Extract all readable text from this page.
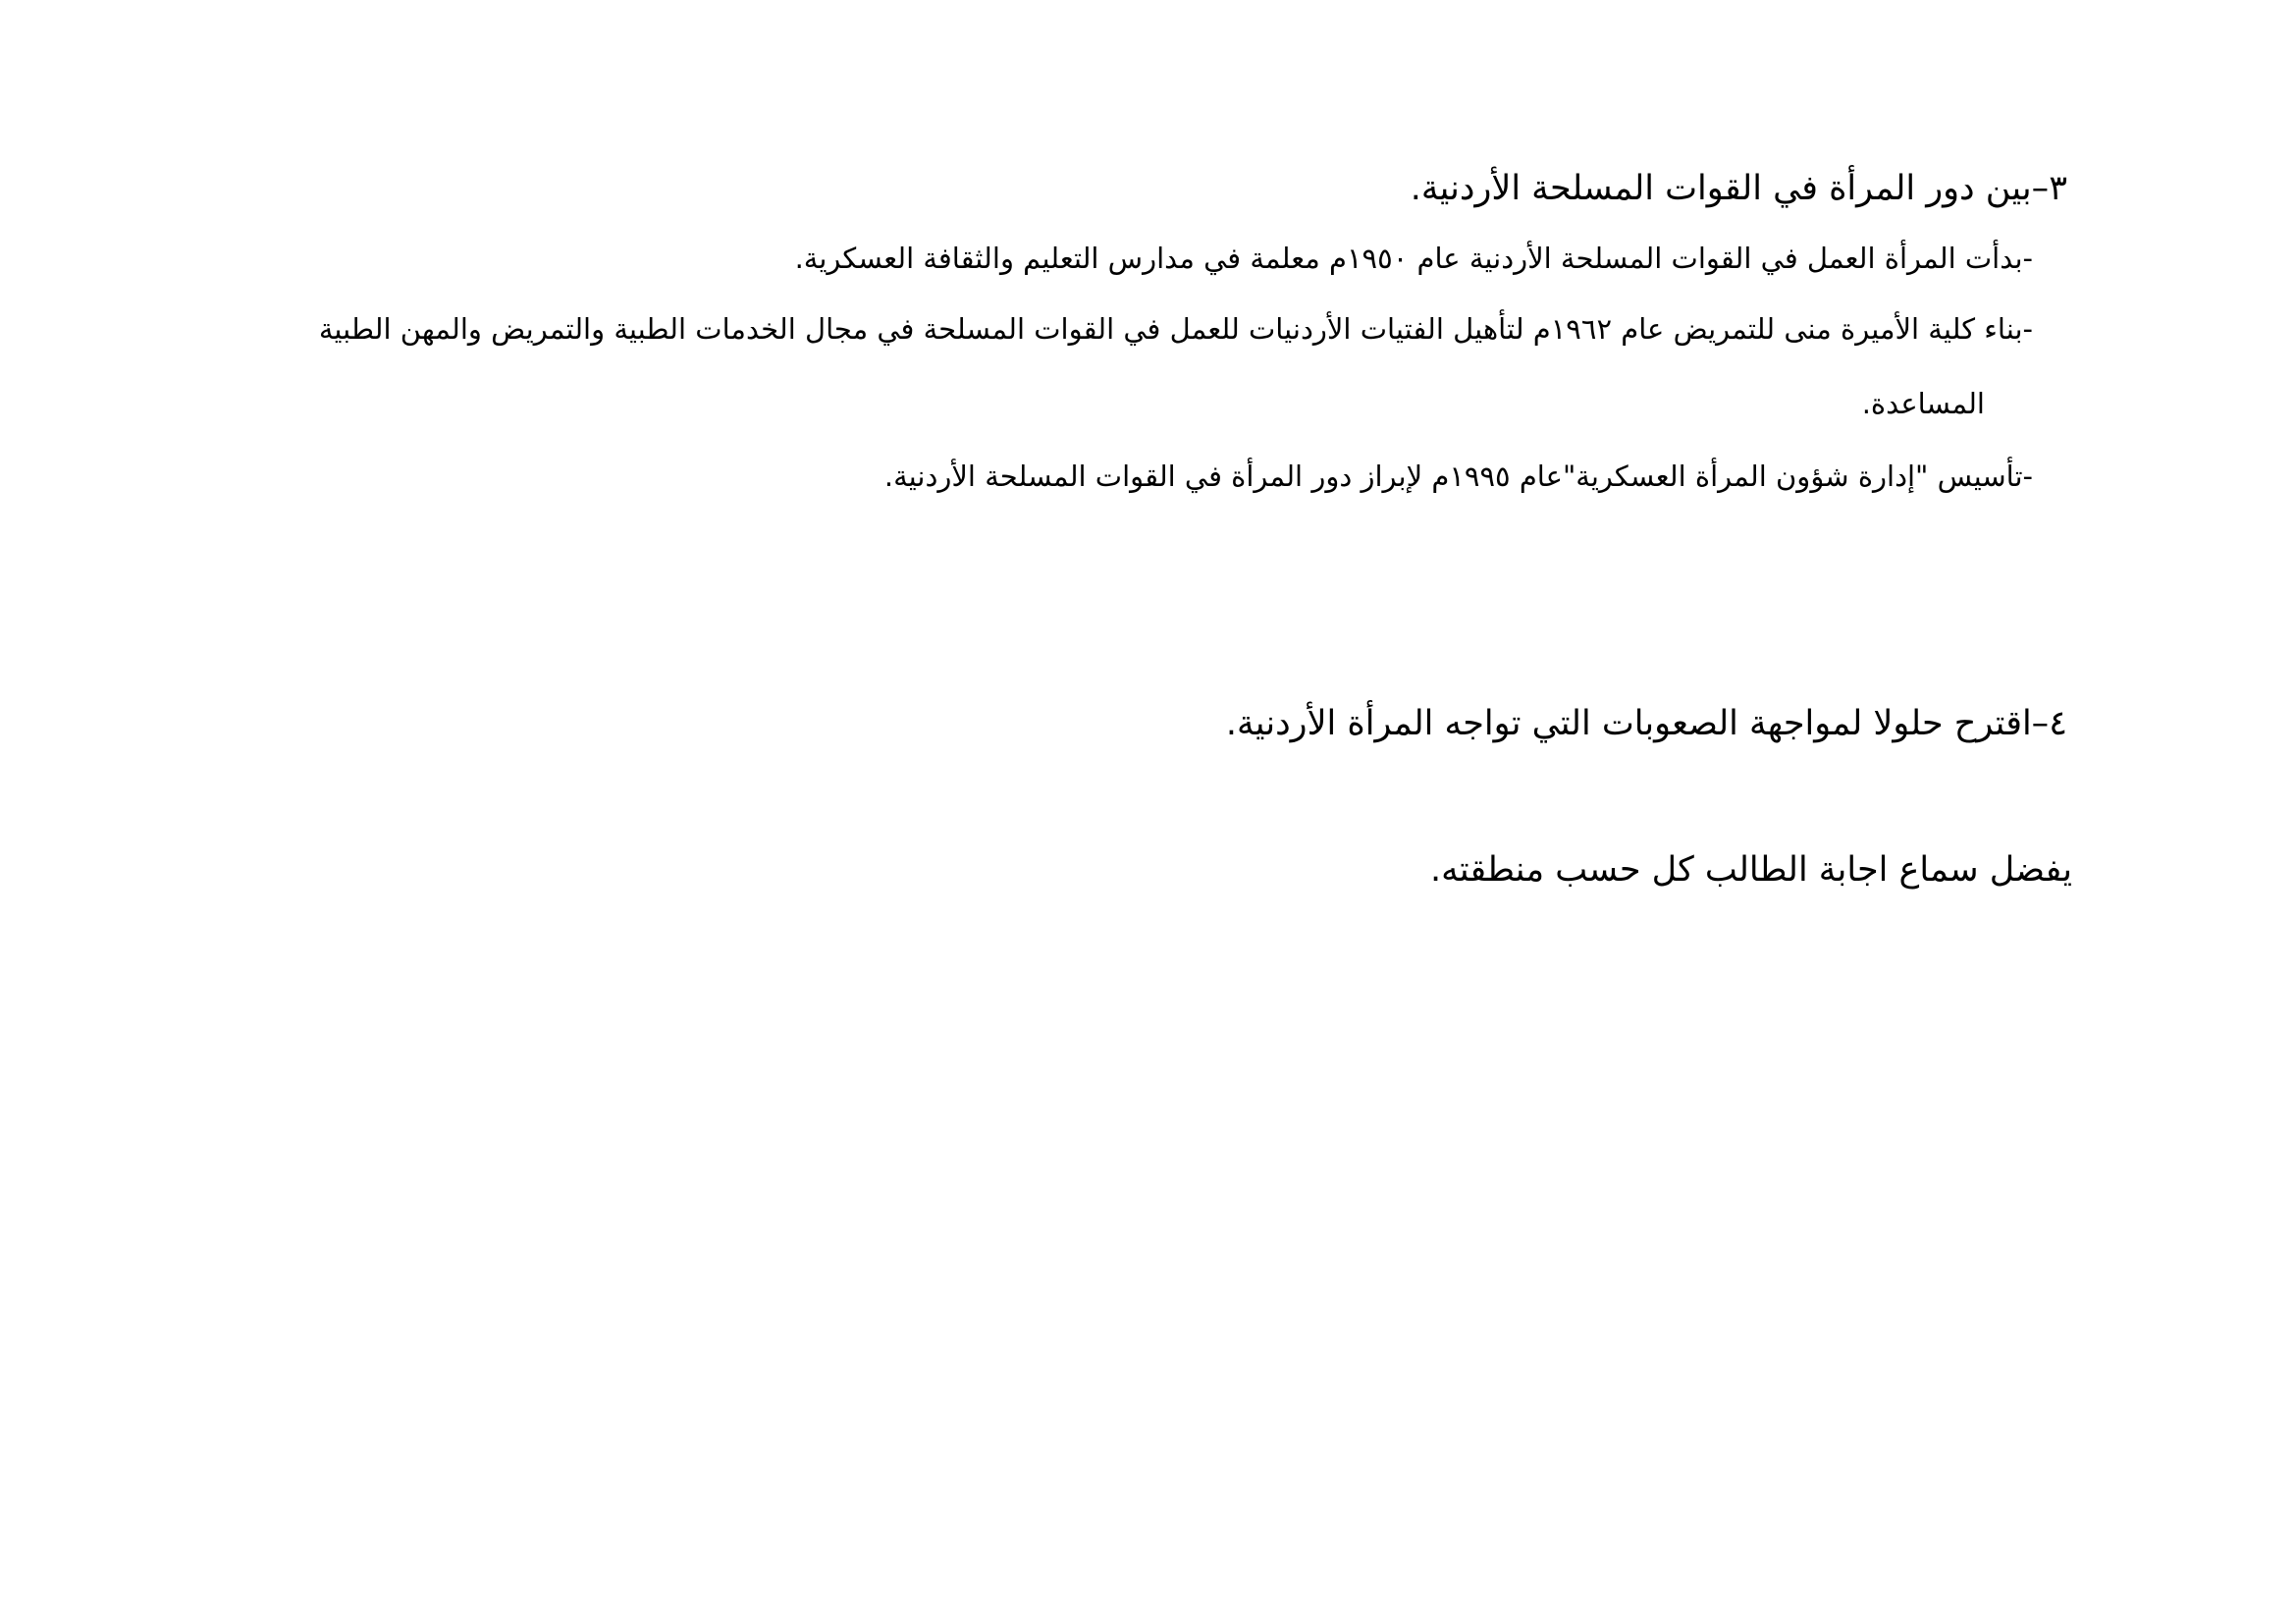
٣–بين دور المرأة في القوات المسلحة الأردنية.

-بدأت المرأة العمل في القوات المسلحة الأردنية عام ١٩٥٠م معلمة في مدارس التعليم والثقافة العسكرية.

-بناء كلية الأميرة منى للتمريض عام ١٩٦٢م لتأهيل الفتيات الأردنيات للعمل في القوات المسلحة في مجال الخدمات الطبية والتمريض والمهن الطبية

المساعدة.

-تأسيس "إدارة شؤون المرأة العسكرية"عام ١٩٩٥م لإبراز دور المرأة في القوات المسلحة الأردنية.

٤–اقترح حلولا لمواجهة الصعوبات التي تواجه المرأة الأردنية.

يفضل سماع اجابة الطالب كل حسب منطقته.
